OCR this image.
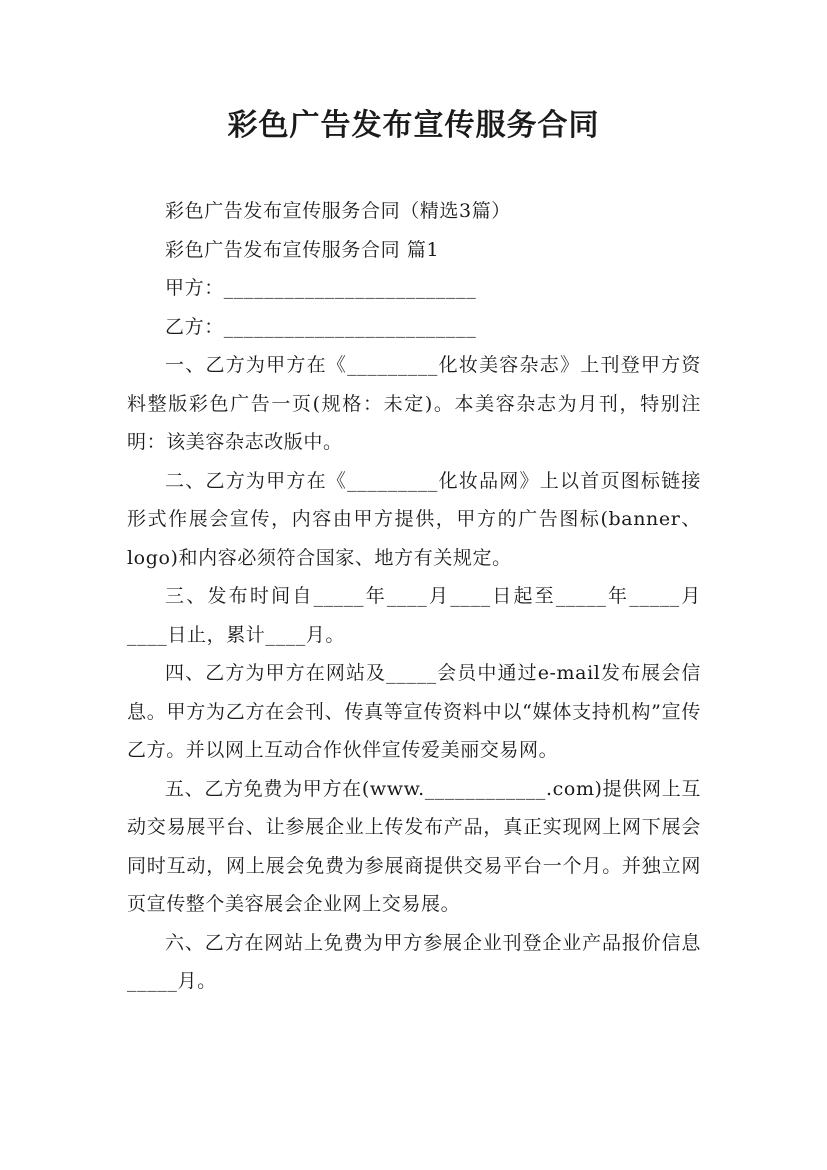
彩色广告发布宣传服务合同

彩色广告发布宣传服务合同（精选3篇）

彩色广告发布宣传服务合同 篇1

甲方：_________________________

乙方：_________________________

一、乙方为甲方在《_________化妆美容杂志》上刊登甲方资料整版彩色广告一页(规格：未定)。本美容杂志为月刊，特别注明：该美容杂志改版中。

二、乙方为甲方在《_________化妆品网》上以首页图标链接形式作展会宣传，内容由甲方提供，甲方的广告图标(banner、logo)和内容必须符合国家、地方有关规定。

三、发布时间自_____年____月____日起至_____年_____月____日止，累计____月。

四、乙方为甲方在网站及_____会员中通过e-mail发布展会信息。甲方为乙方在会刊、传真等宣传资料中以“媒体支持机构”宣传乙方。并以网上互动合作伙伴宣传爱美丽交易网。

五、乙方免费为甲方在(www.____________.com)提供网上互动交易展平台、让参展企业上传发布产品，真正实现网上网下展会同时互动，网上展会免费为参展商提供交易平台一个月。并独立网页宣传整个美容展会企业网上交易展。

六、乙方在网站上免费为甲方参展企业刊登企业产品报价信息_____月。
